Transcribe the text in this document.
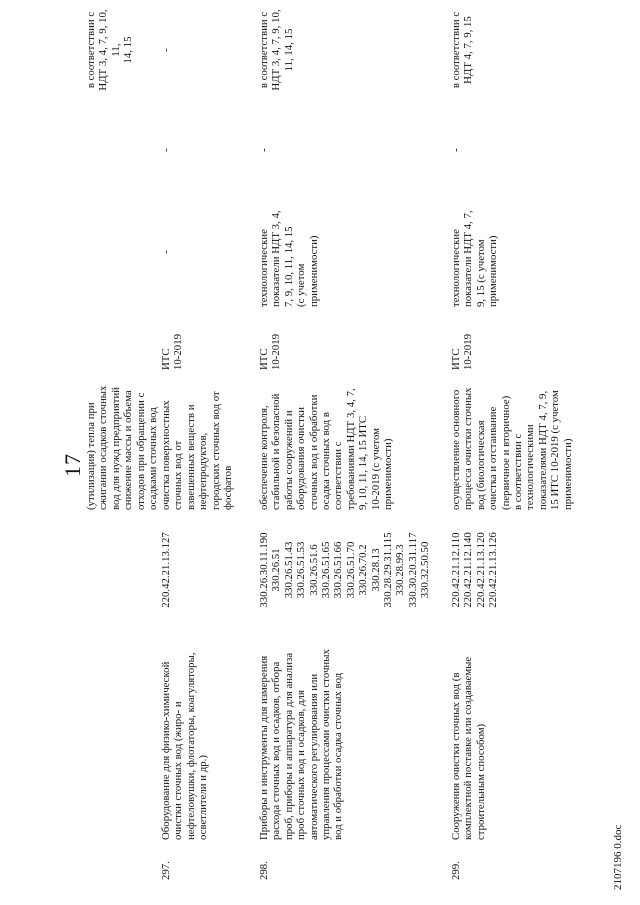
17 (утилизация) тепла при
сжигании осадков сточных
вод для нужд предприятий
снижение массы и объема
отходов при обращении с
осадками сточных вод
в соответствии с
НДТ 3, 4, 7, 9, 10, 11,
14, 15
297.
Оборудование для физико-химической
очистки сточных вод (жиро- и
нефтеловушки, флотаторы, коагуляторы,
осветлители и др.)
220.42.21.13.127
очистка поверхностных
сточных вод от
взвешенных веществ и
нефтепродуктов,
городских сточных вод от
фосфатов
ИТС
10-2019
-
-
-
298.
Приборы и инструменты для измерения
расхода сточных вод и осадков, отбора
проб, приборы и аппаратура для анализа
проб сточных вод и осадков, для
автоматического регулирования или
управления процессами очистки сточных
вод и обработки осадка сточных вод
330.26.30.11.190
330.26.51
330.26.51.43
330.26.51.53
330.26.51.6
330.26.51.65
330.26.51.66
330.26.51.70
330.26.70.2
330.28.13
330.28.29.31.115
330.28.99.3
330.30.20.31.117
330.32.50.50
обеспечение контроля,
стабильной и безопасной
работы сооружений и
оборудования очистки
сточных вод и обработки
осадка сточных вод в
соответствии с
требованиями НДТ 3, 4, 7,
9, 10, 11, 14, 15 ИТС
10-2019 (с учетом
применимости)
ИТС
10-2019
технологические
показатели НДТ 3, 4,
7, 9, 10, 11, 14, 15
(с учетом
применимости)
-
в соответствии с
НДТ 3, 4, 7, 9, 10,
11, 14, 15
299.
Сооружения очистки сточных вод (в
комплектной поставке или создаваемые
строительным способом)
220.42.21.12.110
220.42.21.12.140
220.42.21.13.120
220.42.21.13.126
осуществление основного
процесса очистки сточных
вод (биологическая
очистка и отстаивание
(первичное и вторичное)
в соответствии с
технологическими
показателями НДТ 4, 7, 9,
15 ИТС 10-2019 (с учетом
применимости)
ИТС
10-2019
технологические
показатели НДТ 4, 7,
9, 15 (с учетом
применимости)
-
в соответствии с
НДТ 4, 7, 9, 15
2107196 0.doc
